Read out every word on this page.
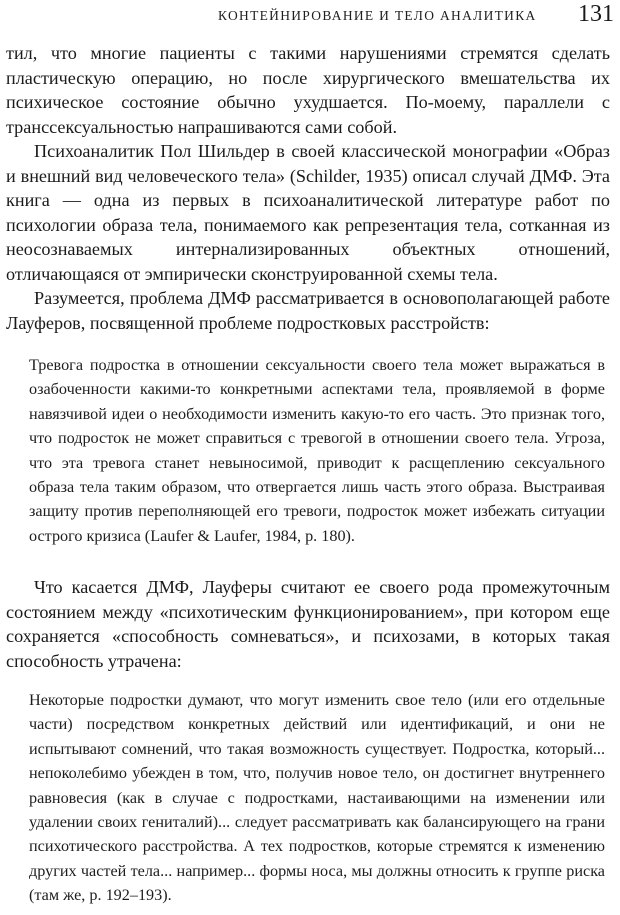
КОНТЕЙНИРОВАНИЕ И ТЕЛО АНАЛИТИКА 131

тил, что многие пациенты с такими нарушениями стремятся сделать пластическую операцию, но после хирургического вмешательства их психическое состояние обычно ухудшается. По-моему, параллели с транссексуальностью напрашиваются сами собой.

Психоаналитик Пол Шильдер в своей классической монографии «Образ и внешний вид человеческого тела» (Schilder, 1935) описал случай ДМФ. Эта книга — одна из первых в психоаналитической литературе работ по психологии образа тела, понимаемого как репрезентация тела, сотканная из неосознаваемых интернализированных объектных отношений, отличающаяся от эмпирически сконструированной схемы тела.

Разумеется, проблема ДМФ рассматривается в основополагающей работе Лауферов, посвященной проблеме подростковых расстройств:

Тревога подростка в отношении сексуальности своего тела может выражаться в озабоченности какими-то конкретными аспектами тела, проявляемой в форме навязчивой идеи о необходимости изменить какую-то его часть. Это признак того, что подросток не может справиться с тревогой в отношении своего тела. Угроза, что эта тревога станет невыносимой, приводит к расщеплению сексуального образа тела таким образом, что отвергается лишь часть этого образа. Выстраивая защиту против переполняющей его тревоги, подросток может избежать ситуации острого кризиса (Laufer & Laufer, 1984, p. 180).

Что касается ДМФ, Лауферы считают ее своего рода промежуточным состоянием между «психотическим функционированием», при котором еще сохраняется «способность сомневаться», и психозами, в которых такая способность утрачена:

Некоторые подростки думают, что могут изменить свое тело (или его отдельные части) посредством конкретных действий или идентификаций, и они не испытывают сомнений, что такая возможность существует. Подростка, который... непоколебимо убежден в том, что, получив новое тело, он достигнет внутреннего равновесия (как в случае с подростками, настаивающими на изменении или удалении своих гениталий)... следует рассматривать как балансирующего на грани психотического расстройства. А тех подростков, которые стремятся к изменению других частей тела... например... формы носа, мы должны относить к группе риска (там же, p. 192–193).
